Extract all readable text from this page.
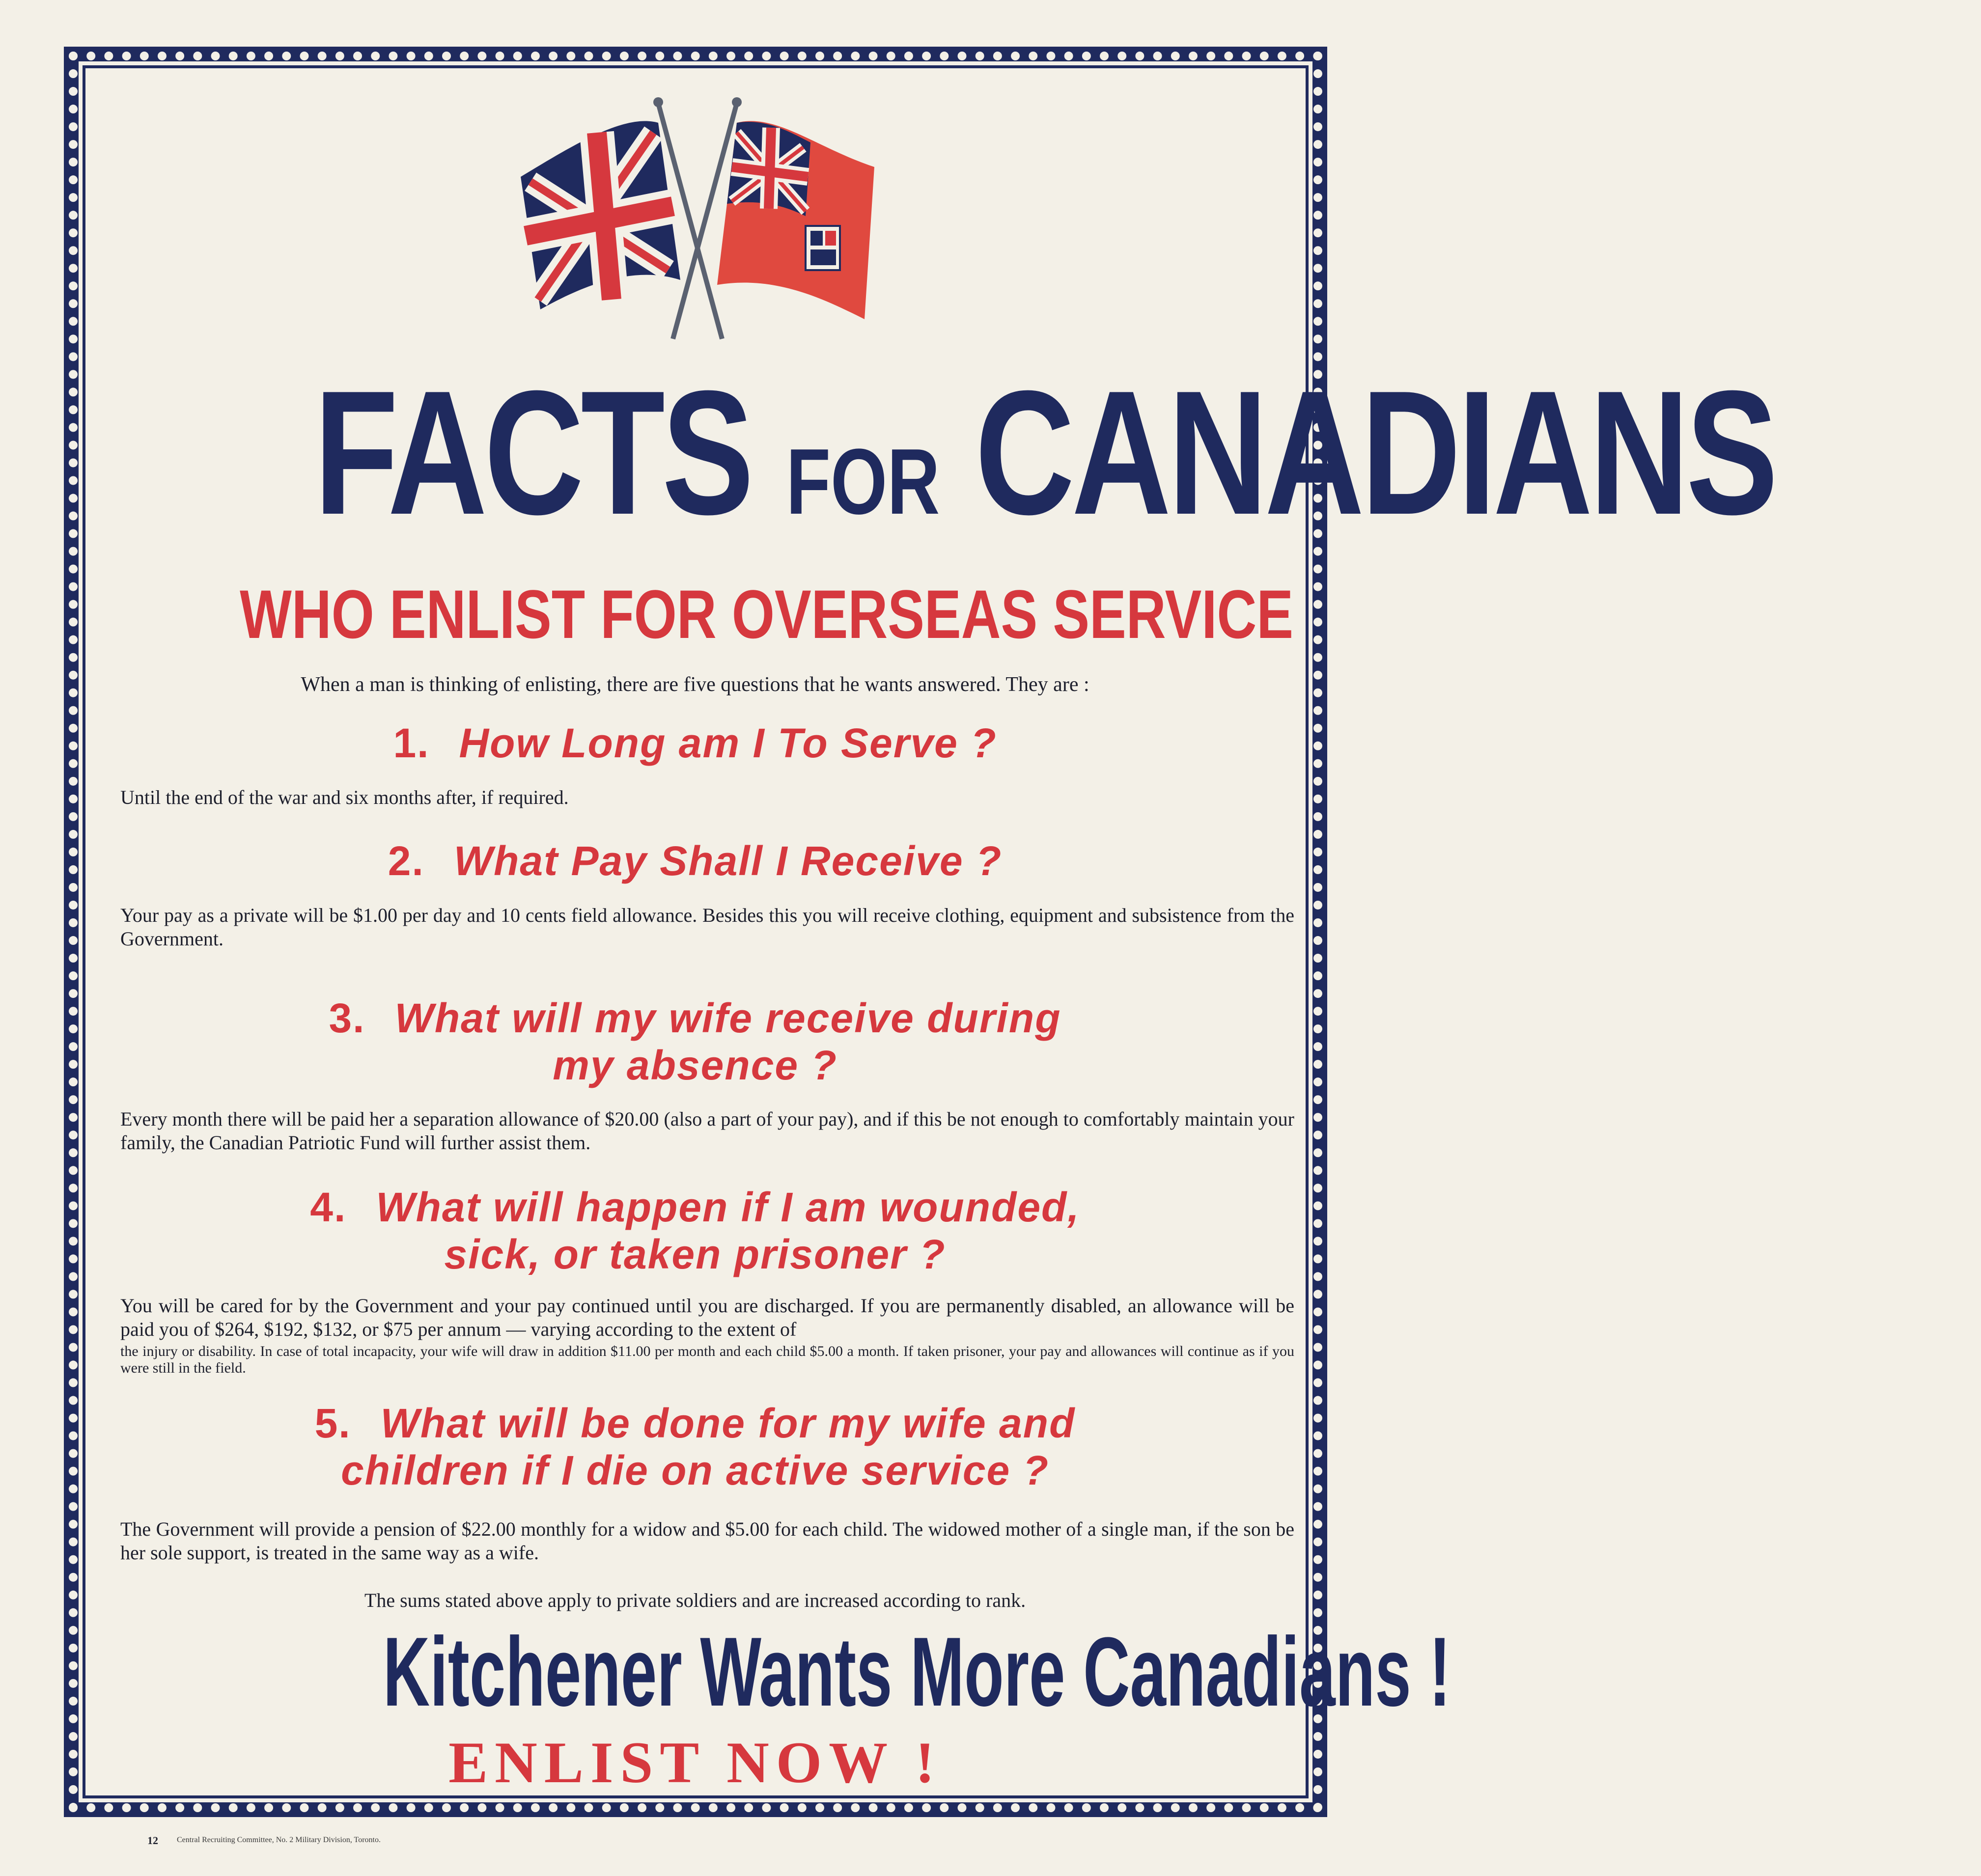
FACTS FOR CANADIANS
WHO ENLIST FOR OVERSEAS SERVICE
When a man is thinking of enlisting, there are five questions that he wants answered. They are :
1. How Long am I To Serve ?
Until the end of the war and six months after, if required.
2. What Pay Shall I Receive ?
Your pay as a private will be $1.00 per day and 10 cents field allowance. Besides this you will receive clothing, equipment and subsistence from the Government.
3. What will my wife receive during
my absence ?
Every month there will be paid her a separation allowance of $20.00 (also a part of your pay), and if this be not enough to comfortably maintain your family, the Canadian Patriotic Fund will further assist them.
4. What will happen if I am wounded,
sick, or taken prisoner ?
You will be cared for by the Government and your pay continued until you are discharged. If you are permanently disabled, an allowance will be paid you of $264, $192, $132, or $75 per annum — varying according to the extent of
the injury or disability. In case of total incapacity, your wife will draw in addition $11.00 per month and each child $5.00 a month. If taken prisoner, your pay and allowances will continue as if you were still in the field.
5. What will be done for my wife and
children if I die on active service ?
The Government will provide a pension of $22.00 monthly for a widow and $5.00 for each child. The widowed mother of a single man, if the son be her sole support, is treated in the same way as a wife.
The sums stated above apply to private soldiers and are increased according to rank.
Kitchener Wants More Canadians !
ENLIST NOW !
12 Central Recruiting Committee, No. 2 Military Division, Toronto.
